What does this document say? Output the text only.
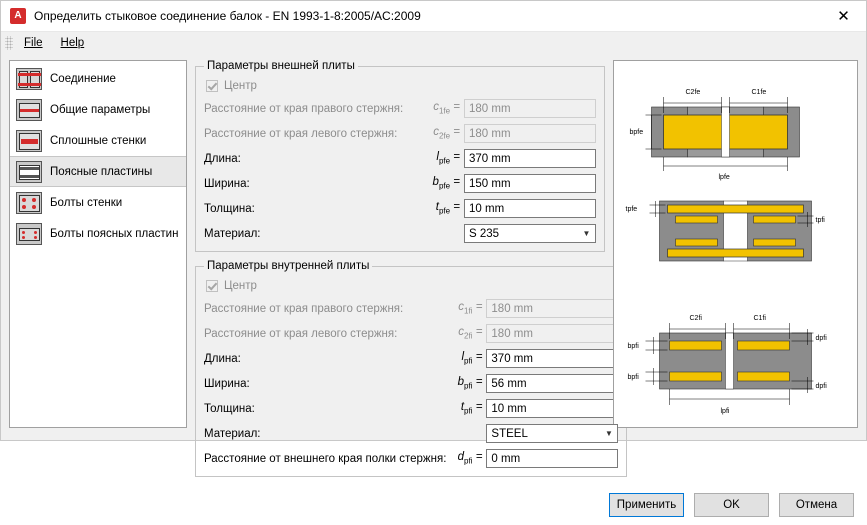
A
Определить стыковое соединение балок - EN 1993-1-8:2005/AC:2009	✕
File	Help
Соединение
Общие параметры
Сплошные стенки
Поясные пластины
Болты стенки
Болты поясных пластин
Параметры внешней плиты
Центр
Расстояние от края правого стержня:	$c_{1fe} = 180$ mm
Расстояние от края левого стержня:	$c_{2fe} = 180$ mm
Длина:	$l_{pfe} = 370$ mm
Ширина:	$b_{pfe} = 150$ mm
Толщина:	$t_{pfe} = 10$ mm
Материал:	S 235	▼
Параметры внутренней плиты
Центр
Расстояние от края правого стержня:	$c_{1fi} = 180$ mm
Расстояние от края левого стержня:	$c_{2fi} = 180$ mm
Длина:	$l_{pfi} = 370$ mm
Ширина:	$b_{pfi} = 56$ mm
Толщина:	$t_{pfi} = 10$ mm
Материал:	STEEL	▼
Расстояние от внешнего края полки стержня: $d_{pfi} = 0$ mm
C2fe	C1fe
bpfe
lpfe
tpfe
tpfi
C2fi	C1fi
bpfi
bpfi
dpfi
dpfi
lpfi
Применить	OK	Отмена
